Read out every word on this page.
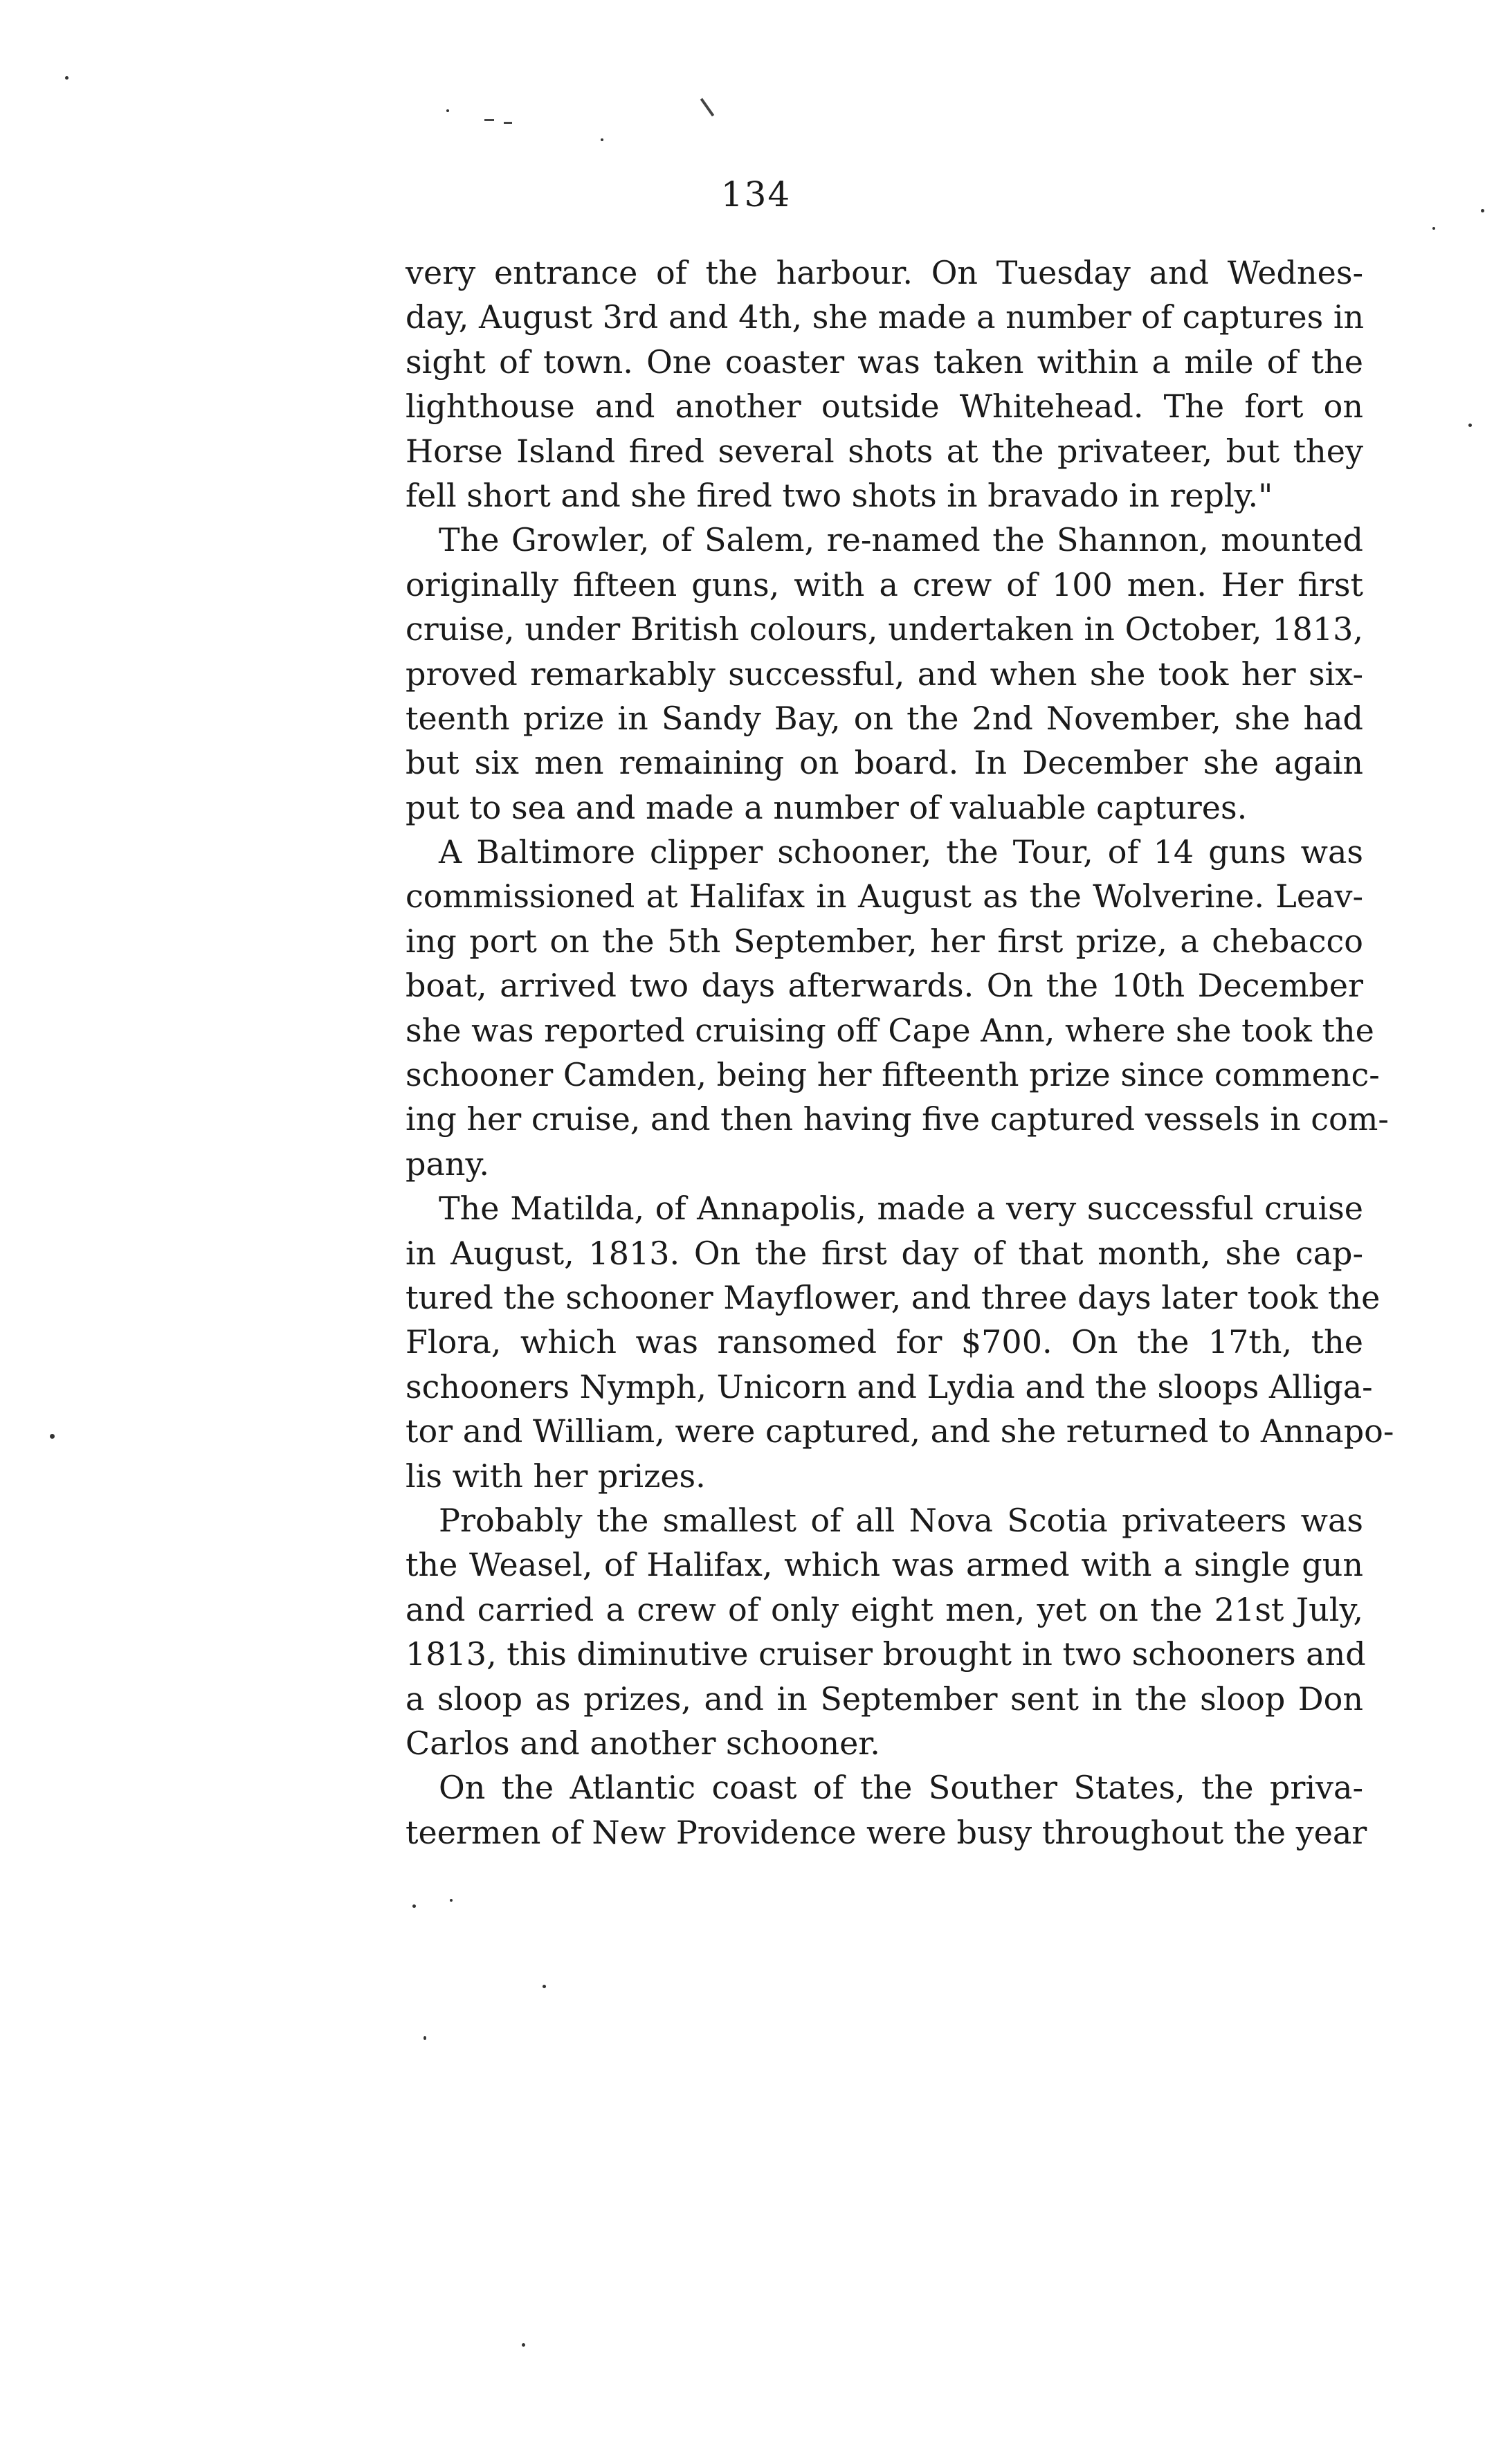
134
very entrance of the harbour. On Tuesday and Wednes-
day, August 3rd and 4th, she made a number of captures in
sight of town. One coaster was taken within a mile of the
lighthouse and another outside Whitehead. The fort on
Horse Island fired several shots at the privateer, but they
fell short and she fired two shots in bravado in reply."
The Growler, of Salem, re-named the Shannon, mounted
originally fifteen guns, with a crew of 100 men. Her first
cruise, under British colours, undertaken in October, 1813,
proved remarkably successful, and when she took her six-
teenth prize in Sandy Bay, on the 2nd November, she had
but six men remaining on board. In December she again
put to sea and made a number of valuable captures.
A Baltimore clipper schooner, the Tour, of 14 guns was
commissioned at Halifax in August as the Wolverine. Leav-
ing port on the 5th September, her first prize, a chebacco
boat, arrived two days afterwards. On the 10th December
she was reported cruising off Cape Ann, where she took the
schooner Camden, being her fifteenth prize since commenc-
ing her cruise, and then having five captured vessels in com-
pany.
The Matilda, of Annapolis, made a very successful cruise
in August, 1813. On the first day of that month, she cap-
tured the schooner Mayflower, and three days later took the
Flora, which was ransomed for $700. On the 17th, the
schooners Nymph, Unicorn and Lydia and the sloops Alliga-
tor and William, were captured, and she returned to Annapo-
lis with her prizes.
Probably the smallest of all Nova Scotia privateers was
the Weasel, of Halifax, which was armed with a single gun
and carried a crew of only eight men, yet on the 21st July,
1813, this diminutive cruiser brought in two schooners and
a sloop as prizes, and in September sent in the sloop Don
Carlos and another schooner.
On the Atlantic coast of the Souther States, the priva-
teermen of New Providence were busy throughout the year
